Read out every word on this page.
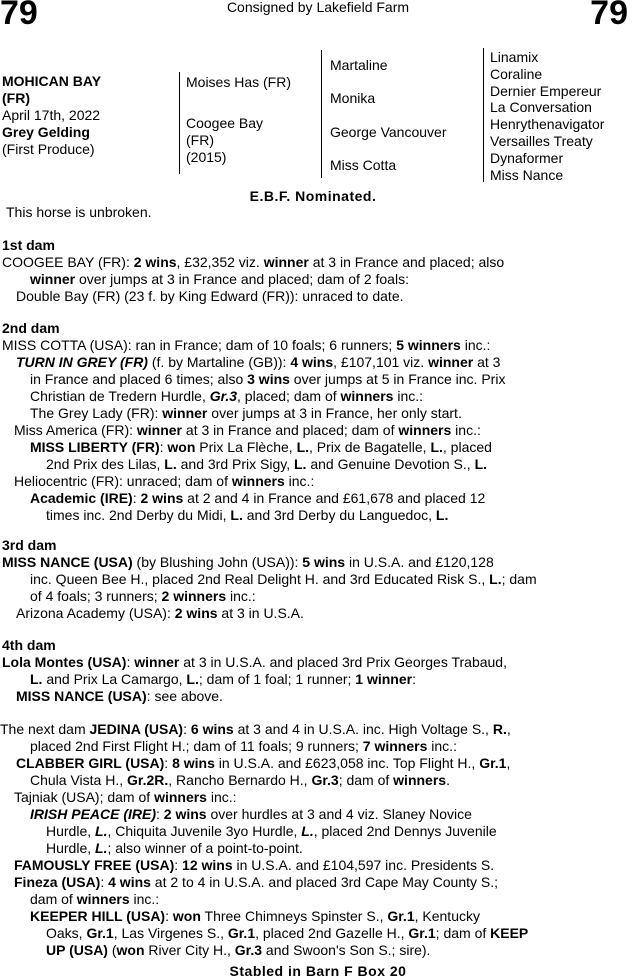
79	79
Consigned by Lakefield Farm
MOHICAN BAY
(FR)
April 17th, 2022
Grey Gelding
(First Produce)
Moises Has (FR)
Coogee Bay
(FR)
(2015)
Martaline
Monika
George Vancouver
Miss Cotta
Linamix
Coraline
Dernier Empereur
La Conversation
Henrythenavigator
Versailles Treaty
Dynaformer
Miss Nance
E.B.F. Nominated.
This horse is unbroken.
1st dam
COOGEE BAY (FR): 2 wins, £32,352 viz. winner at 3 in France and placed; also
winner over jumps at 3 in France and placed; dam of 2 foals:
Double Bay (FR) (23 f. by King Edward (FR)): unraced to date.
2nd dam
MISS COTTA (USA): ran in France; dam of 10 foals; 6 runners; 5 winners inc.:
TURN IN GREY (FR) (f. by Martaline (GB)): 4 wins, £107,101 viz. winner at 3
in France and placed 6 times; also 3 wins over jumps at 5 in France inc. Prix
Christian de Tredern Hurdle, Gr.3, placed; dam of winners inc.:
The Grey Lady (FR): winner over jumps at 3 in France, her only start.
Miss America (FR): winner at 3 in France and placed; dam of winners inc.:
MISS LIBERTY (FR): won Prix La Flèche, L., Prix de Bagatelle, L., placed
2nd Prix des Lilas, L. and 3rd Prix Sigy, L. and Genuine Devotion S., L.
Heliocentric (FR): unraced; dam of winners inc.:
Academic (IRE): 2 wins at 2 and 4 in France and £61,678 and placed 12
times inc. 2nd Derby du Midi, L. and 3rd Derby du Languedoc, L.
3rd dam
MISS NANCE (USA) (by Blushing John (USA)): 5 wins in U.S.A. and £120,128
inc. Queen Bee H., placed 2nd Real Delight H. and 3rd Educated Risk S., L.; dam
of 4 foals; 3 runners; 2 winners inc.:
Arizona Academy (USA): 2 wins at 3 in U.S.A.
4th dam
Lola Montes (USA): winner at 3 in U.S.A. and placed 3rd Prix Georges Trabaud,
L. and Prix La Camargo, L.; dam of 1 foal; 1 runner; 1 winner:
MISS NANCE (USA): see above.
The next dam JEDINA (USA): 6 wins at 3 and 4 in U.S.A. inc. High Voltage S., R.,
placed 2nd First Flight H.; dam of 11 foals; 9 runners; 7 winners inc.:
CLABBER GIRL (USA): 8 wins in U.S.A. and £623,058 inc. Top Flight H., Gr.1,
Chula Vista H., Gr.2R., Rancho Bernardo H., Gr.3; dam of winners.
Tajniak (USA); dam of winners inc.:
IRISH PEACE (IRE): 2 wins over hurdles at 3 and 4 viz. Slaney Novice
Hurdle, L., Chiquita Juvenile 3yo Hurdle, L., placed 2nd Dennys Juvenile
Hurdle, L.; also winner of a point-to-point.
FAMOUSLY FREE (USA): 12 wins in U.S.A. and £104,597 inc. Presidents S.
Fineza (USA): 4 wins at 2 to 4 in U.S.A. and placed 3rd Cape May County S.;
dam of winners inc.:
KEEPER HILL (USA): won Three Chimneys Spinster S., Gr.1, Kentucky
Oaks, Gr.1, Las Virgenes S., Gr.1, placed 2nd Gazelle H., Gr.1; dam of KEEP
UP (USA) (won River City H., Gr.3 and Swoon's Son S.; sire).
Stabled in Barn F Box 20
